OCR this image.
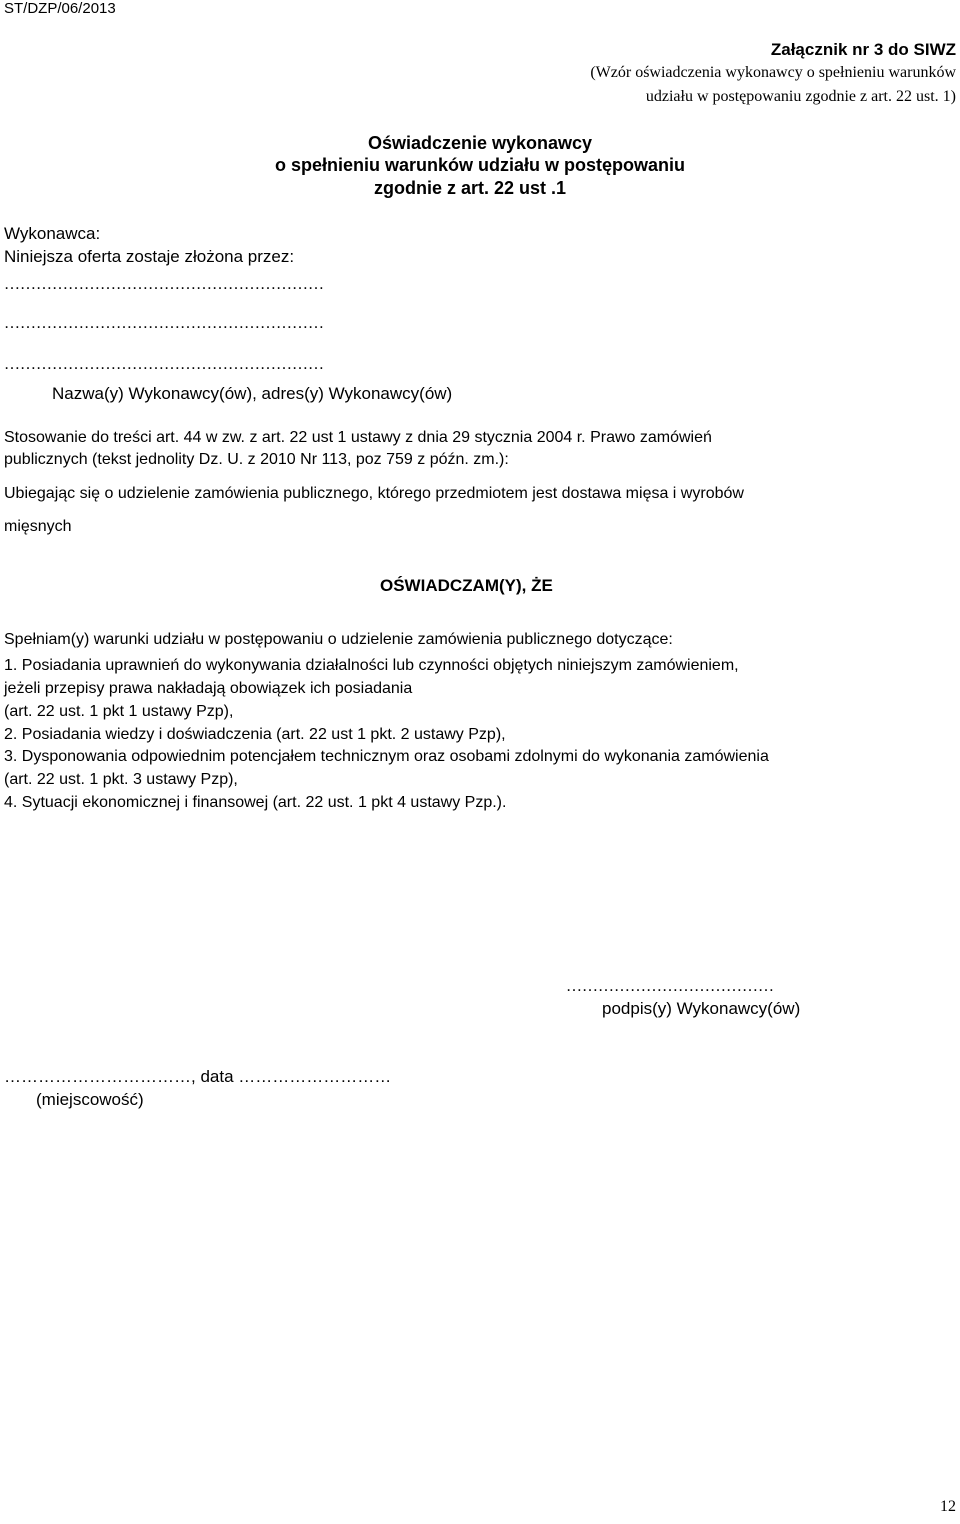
ST/DZP/06/2013
Załącznik nr 3 do SIWZ
(Wzór oświadczenia wykonawcy o spełnieniu warunków
udziału w postępowaniu zgodnie z art. 22 ust. 1)
Oświadczenie wykonawcy
o spełnieniu warunków udziału w postępowaniu
zgodnie z art. 22 ust .1
Wykonawca:
Niniejsza oferta zostaje złożona przez:
……………………………………………………
……………………………………………………
……………………………………………………
Nazwa(y) Wykonawcy(ów), adres(y) Wykonawcy(ów)
Stosowanie do treści art. 44 w zw. z art. 22 ust 1 ustawy z dnia 29 stycznia 2004 r. Prawo zamówień
publicznych (tekst jednolity Dz. U. z 2010 Nr 113, poz 759 z późn. zm.):
Ubiegając się o udzielenie zamówienia publicznego, którego przedmiotem jest dostawa mięsa i wyrobów
mięsnych
OŚWIADCZAM(Y), ŻE
Spełniam(y) warunki udziału w postępowaniu o udzielenie zamówienia publicznego dotyczące:
1. Posiadania uprawnień do wykonywania działalności lub czynności objętych niniejszym zamówieniem,
jeżeli przepisy prawa nakładają obowiązek ich posiadania
(art. 22 ust. 1 pkt 1 ustawy Pzp),
2. Posiadania wiedzy i doświadczenia (art. 22 ust 1 pkt. 2 ustawy Pzp),
3. Dysponowania odpowiednim potencjałem technicznym oraz osobami zdolnymi do wykonania zamówienia
(art. 22 ust. 1 pkt. 3 ustawy Pzp),
4. Sytuacji ekonomicznej i finansowej (art. 22 ust. 1 pkt 4 ustawy Pzp.).
…………………………………
podpis(y) Wykonawcy(ów)
……………………………, data ………………………
(miejscowość)
12
